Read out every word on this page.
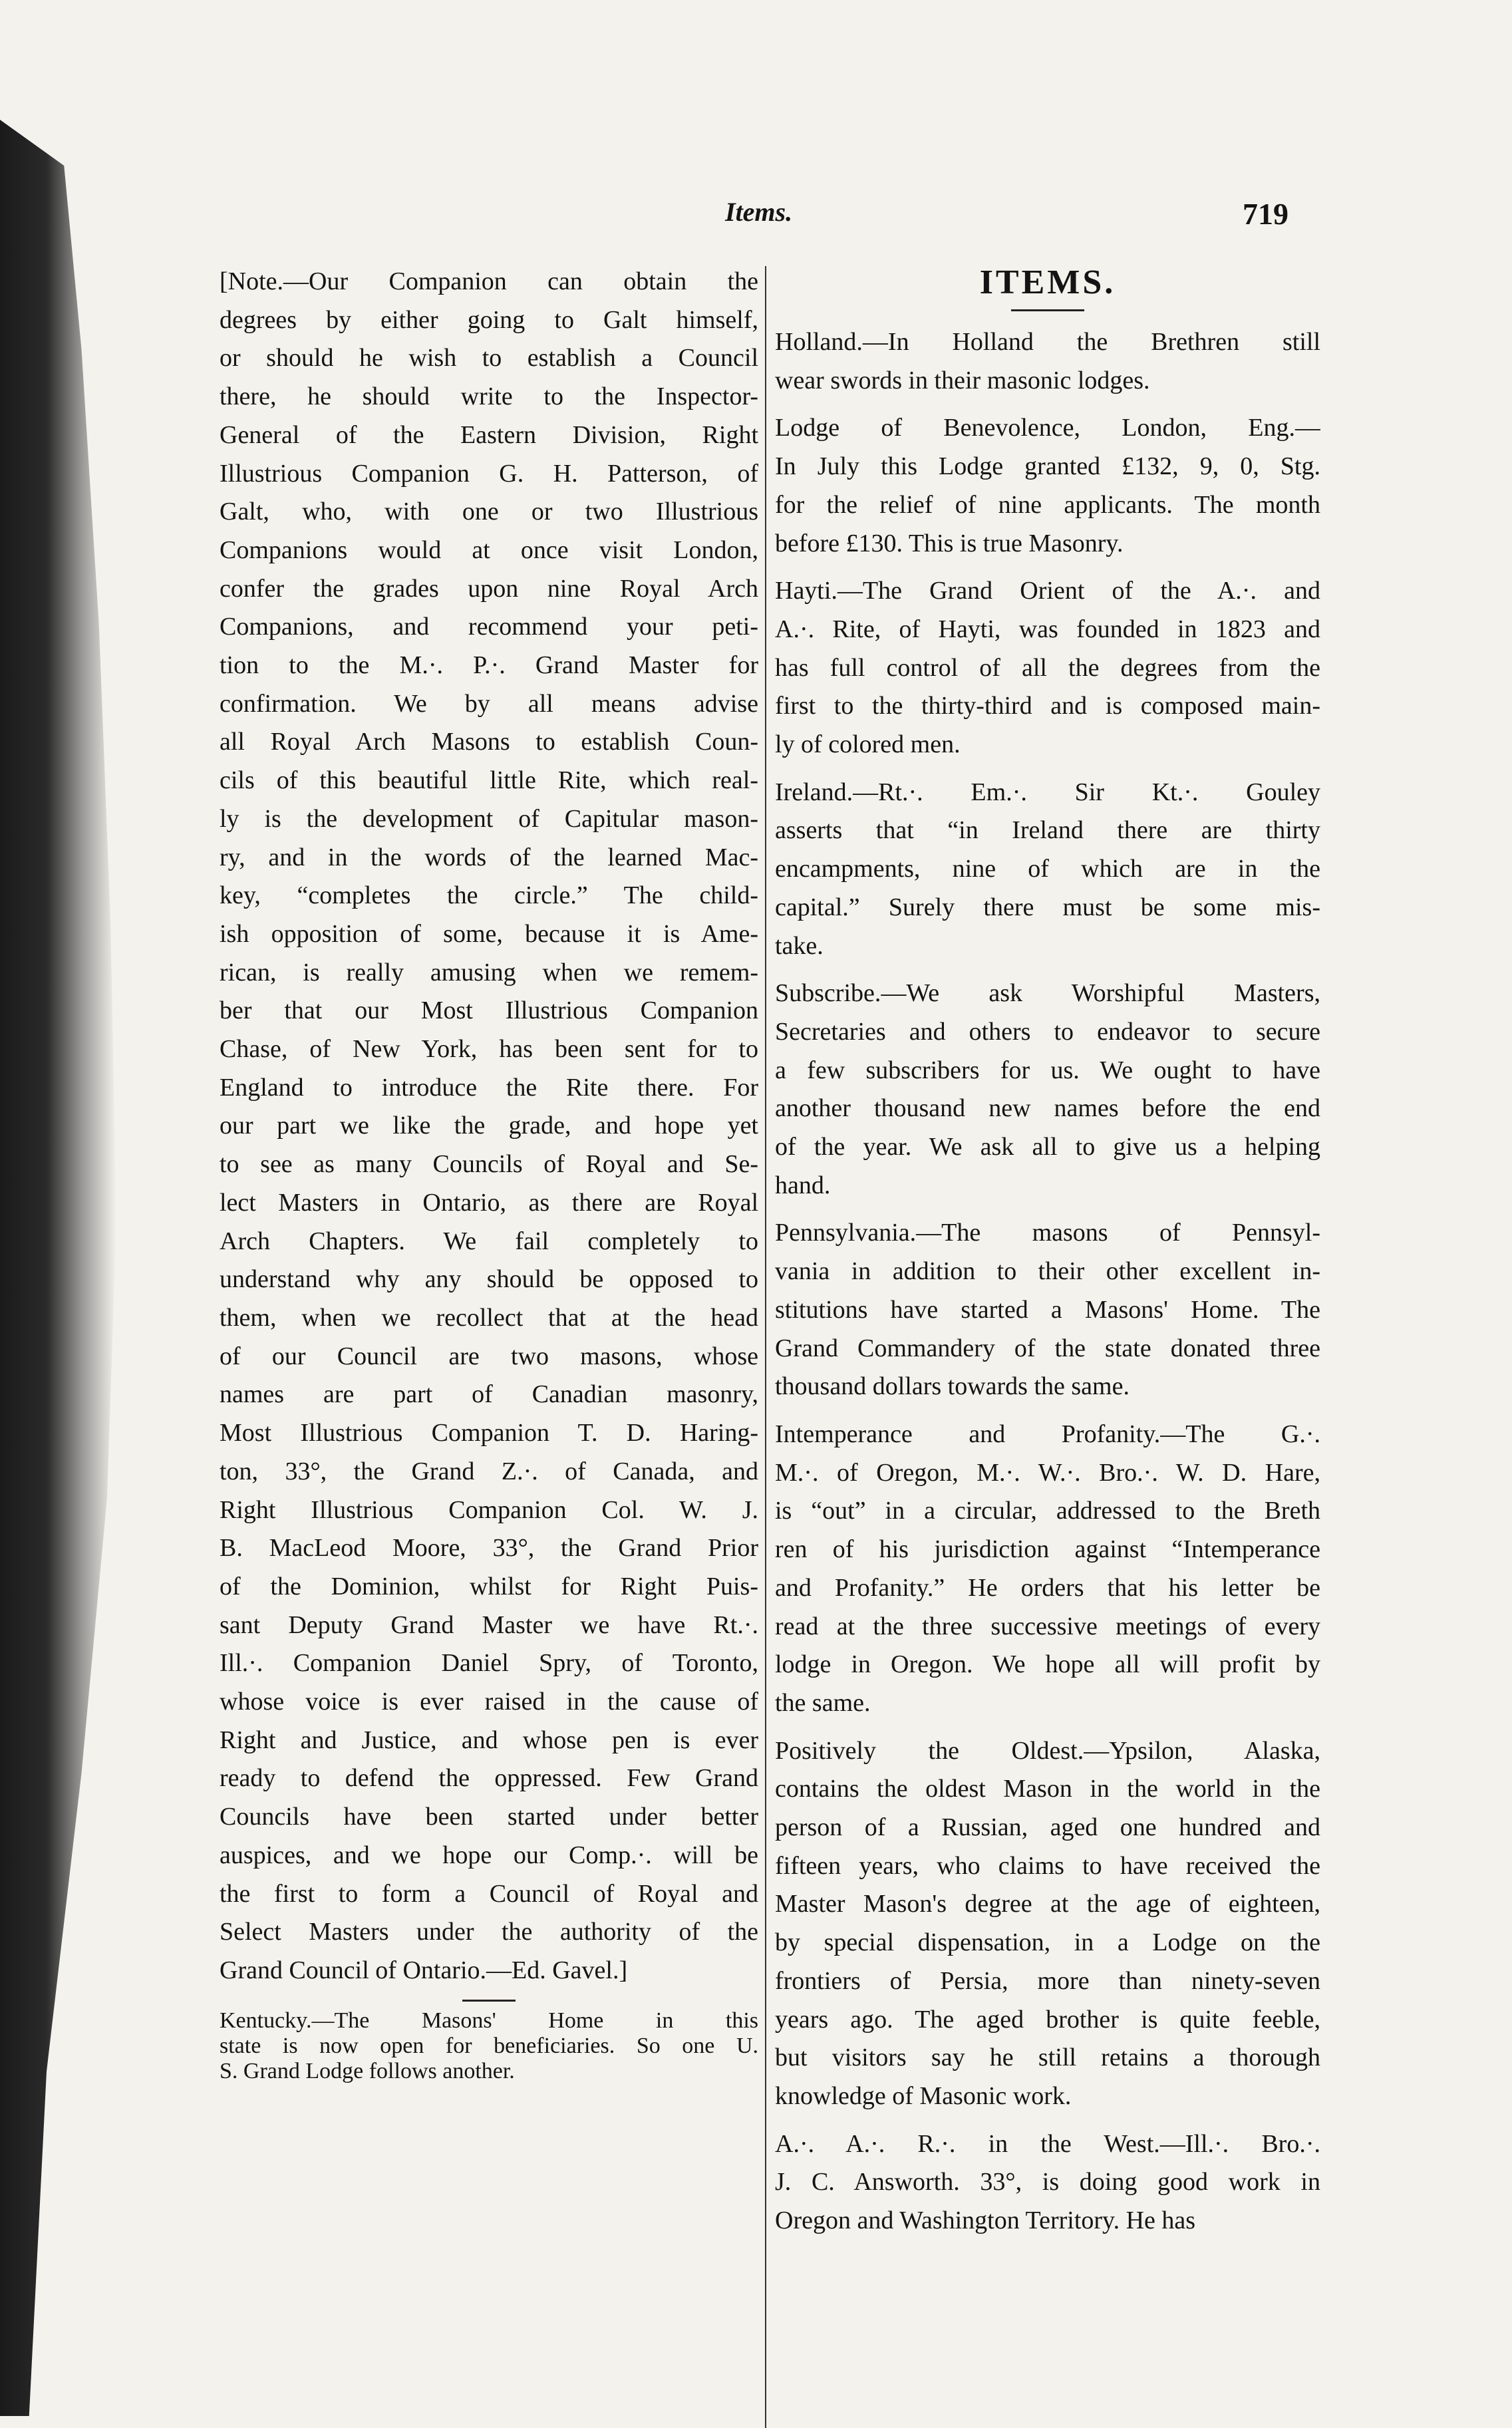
Items.	719
[Note.—Our Companion can obtain the
degrees by either going to Galt himself,
or should he wish to establish a Council
there, he should write to the Inspector-
General of the Eastern Division, Right
Illustrious Companion G. H. Patterson, of
Galt, who, with one or two Illustrious
Companions would at once visit London,
confer the grades upon nine Royal Arch
Companions, and recommend your peti-
tion to the M.·. P.·. Grand Master for
confirmation. We by all means advise
all Royal Arch Masons to establish Coun-
cils of this beautiful little Rite, which real-
ly is the development of Capitular mason-
ry, and in the words of the learned Mac-
key, “completes the circle.” The child-
ish opposition of some, because it is Ame-
rican, is really amusing when we remem-
ber that our Most Illustrious Companion
Chase, of New York, has been sent for to
England to introduce the Rite there. For
our part we like the grade, and hope yet
to see as many Councils of Royal and Se-
lect Masters in Ontario, as there are Royal
Arch Chapters. We fail completely to
understand why any should be opposed to
them, when we recollect that at the head
of our Council are two masons, whose
names are part of Canadian masonry,
Most Illustrious Companion T. D. Haring-
ton, 33°, the Grand Z.·. of Canada, and
Right Illustrious Companion Col. W. J.
B. MacLeod Moore, 33°, the Grand Prior
of the Dominion, whilst for Right Puis-
sant Deputy Grand Master we have Rt.·.
Ill.·. Companion Daniel Spry, of Toronto,
whose voice is ever raised in the cause of
Right and Justice, and whose pen is ever
ready to defend the oppressed. Few Grand
Councils have been started under better
auspices, and we hope our Comp.·. will be
the first to form a Council of Royal and
Select Masters under the authority of the
Grand Council of Ontario.—Ed. Gavel.]
Kentucky.—The Masons' Home in this
state is now open for beneficiaries. So one U.
S. Grand Lodge follows another.
ITEMS.
Holland.—In Holland the Brethren still
wear swords in their masonic lodges.
Lodge of Benevolence, London, Eng.—
In July this Lodge granted £132, 9, 0, Stg.
for the relief of nine applicants. The month
before £130. This is true Masonry.
Hayti.—The Grand Orient of the A.·. and
A.·. Rite, of Hayti, was founded in 1823 and
has full control of all the degrees from the
first to the thirty-third and is composed main-
ly of colored men.
Ireland.—Rt.·. Em.·. Sir Kt.·. Gouley
asserts that “in Ireland there are thirty
encampments, nine of which are in the
capital.” Surely there must be some mis-
take.
Subscribe.—We ask Worshipful Masters,
Secretaries and others to endeavor to secure
a few subscribers for us. We ought to have
another thousand new names before the end
of the year. We ask all to give us a helping
hand.
Pennsylvania.—The masons of Pennsyl-
vania in addition to their other excellent in-
stitutions have started a Masons' Home. The
Grand Commandery of the state donated three
thousand dollars towards the same.
Intemperance and Profanity.—The G.·.
M.·. of Oregon, M.·. W.·. Bro.·. W. D. Hare,
is “out” in a circular, addressed to the Breth
ren of his jurisdiction against “Intemperance
and Profanity.” He orders that his letter be
read at the three successive meetings of every
lodge in Oregon. We hope all will profit by
the same.
Positively the Oldest.—Ypsilon, Alaska,
contains the oldest Mason in the world in the
person of a Russian, aged one hundred and
fifteen years, who claims to have received the
Master Mason's degree at the age of eighteen,
by special dispensation, in a Lodge on the
frontiers of Persia, more than ninety-seven
years ago. The aged brother is quite feeble,
but visitors say he still retains a thorough
knowledge of Masonic work.
A.·. A.·. R.·. in the West.—Ill.·. Bro.·.
J. C. Answorth. 33°, is doing good work in
Oregon and Washington Territory. He has
